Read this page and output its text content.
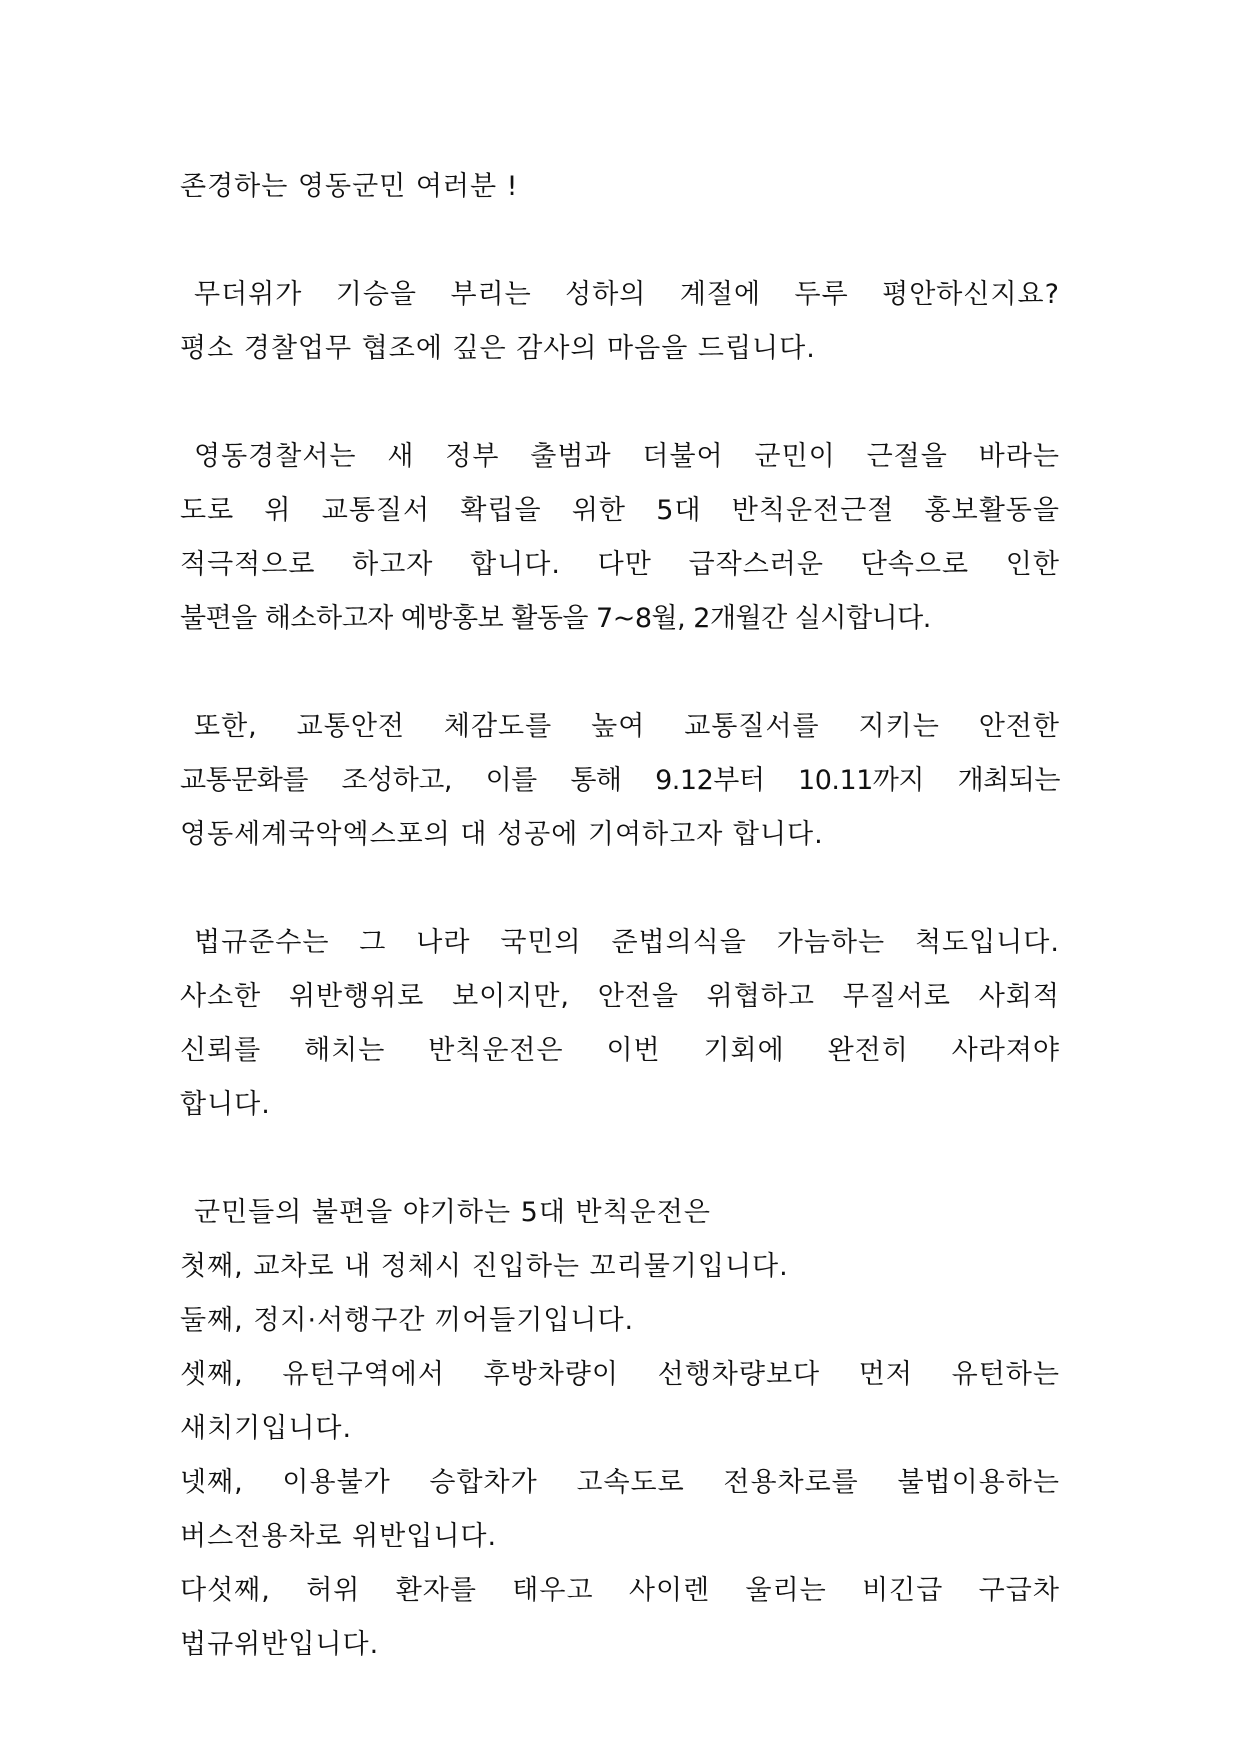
존경하는 영동군민 여러분 !
무더위가 기승을 부리는 성하의 계절에 두루 평안하신지요?
평소 경찰업무 협조에 깊은 감사의 마음을 드립니다.
영동경찰서는 새 정부 출범과 더불어 군민이 근절을 바라는
도로 위 교통질서 확립을 위한 5대 반칙운전근절 홍보활동을
적극적으로 하고자 합니다. 다만 급작스러운 단속으로 인한
불편을 해소하고자 예방홍보 활동을 7~8월, 2개월간 실시합니다.
또한, 교통안전 체감도를 높여 교통질서를 지키는 안전한
교통문화를 조성하고, 이를 통해 9.12부터 10.11까지 개최되는
영동세계국악엑스포의 대 성공에 기여하고자 합니다.
법규준수는 그 나라 국민의 준법의식을 가늠하는 척도입니다.
사소한 위반행위로 보이지만, 안전을 위협하고 무질서로 사회적
신뢰를 해치는 반칙운전은 이번 기회에 완전히 사라져야
합니다.
군민들의 불편을 야기하는 5대 반칙운전은
첫째, 교차로 내 정체시 진입하는 꼬리물기입니다.
둘째, 정지·서행구간 끼어들기입니다.
셋째, 유턴구역에서 후방차량이 선행차량보다 먼저 유턴하는
새치기입니다.
넷째, 이용불가 승합차가 고속도로 전용차로를 불법이용하는
버스전용차로 위반입니다.
다섯째, 허위 환자를 태우고 사이렌 울리는 비긴급 구급차
법규위반입니다.
